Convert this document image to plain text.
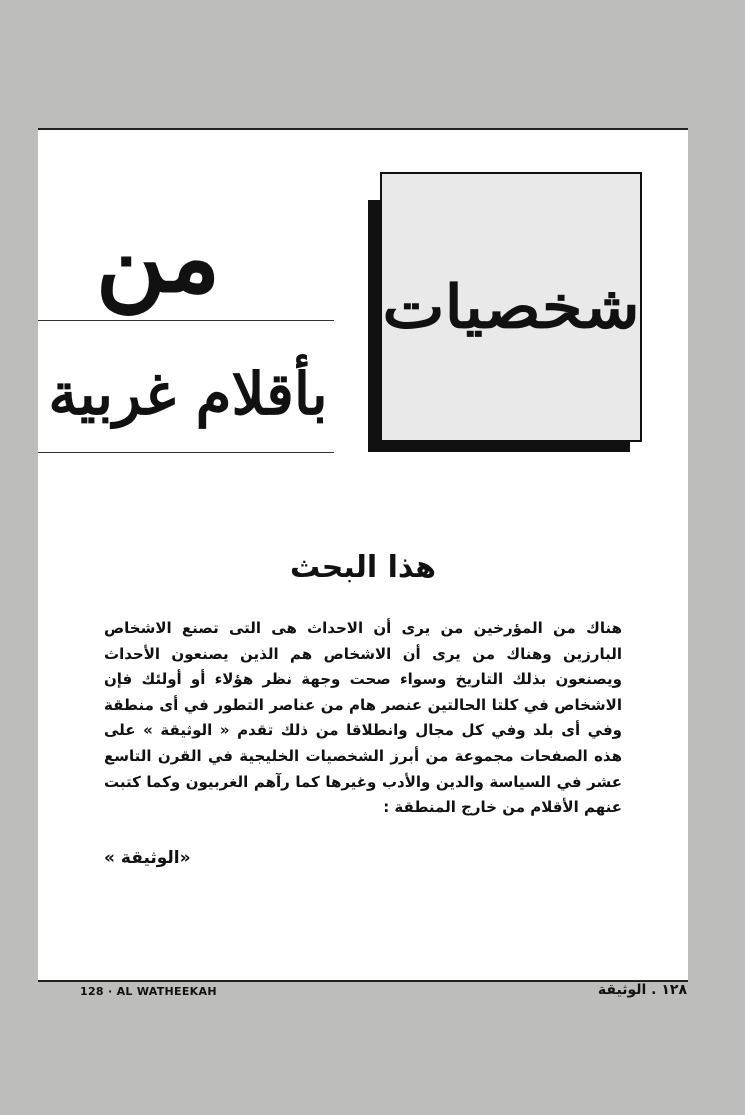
شخصيات
من
بأقلام غربية
هذا البحث

هناك من المؤرخين من يرى أن الاحداث هى التى تصنع الاشخاص البارزين وهناك من يرى أن الاشخاص هم الذين يصنعون الأحداث ويصنعون بذلك التاريخ وسواء صحت وجهة نظر هؤلاء أو أولئك فإن الاشخاص في كلتا الحالتين عنصر هام من عناصر التطور في أى منطقة وفي أى بلد وفي كل مجال وانطلاقا من ذلك تقدم « الوثيقة » على هذه الصفحات مجموعة من أبرز الشخصيات الخليجية في القرن التاسع عشر في السياسة والدين والأدب وغيرها كما رآهم الغربيون وكما كتبت عنهم الأقلام من خارج المنطقة :

«الوثيقة »
128 · AL WATHEEKAH	١٢٨ . الوثيقة
